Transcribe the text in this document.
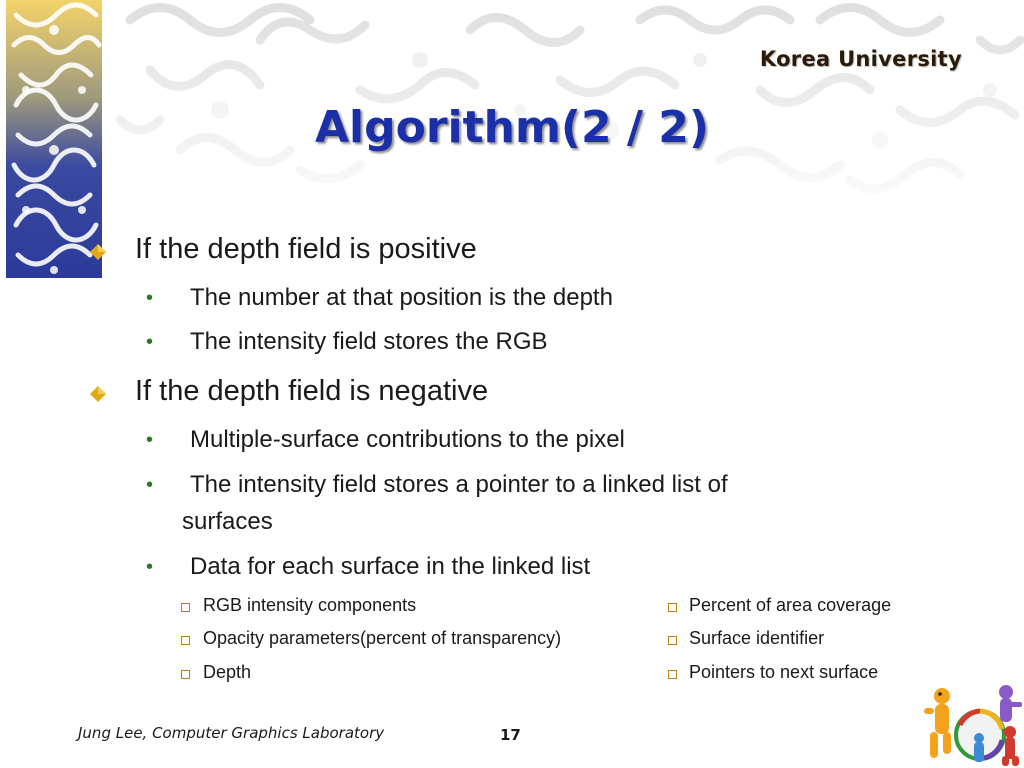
Korea University
Algorithm(2 / 2)
If the depth field is positive
• The number at that position is the depth
• The intensity field stores the RGB
If the depth field is negative
• Multiple-surface contributions to the pixel
• The intensity field stores a pointer to a linked list of
surfaces
• Data for each surface in the linked list
RGB intensity components
Opacity parameters(percent of transparency)
Depth
Percent of area coverage
Surface identifier
Pointers to next surface
Jung Lee, Computer Graphics Laboratory	17
